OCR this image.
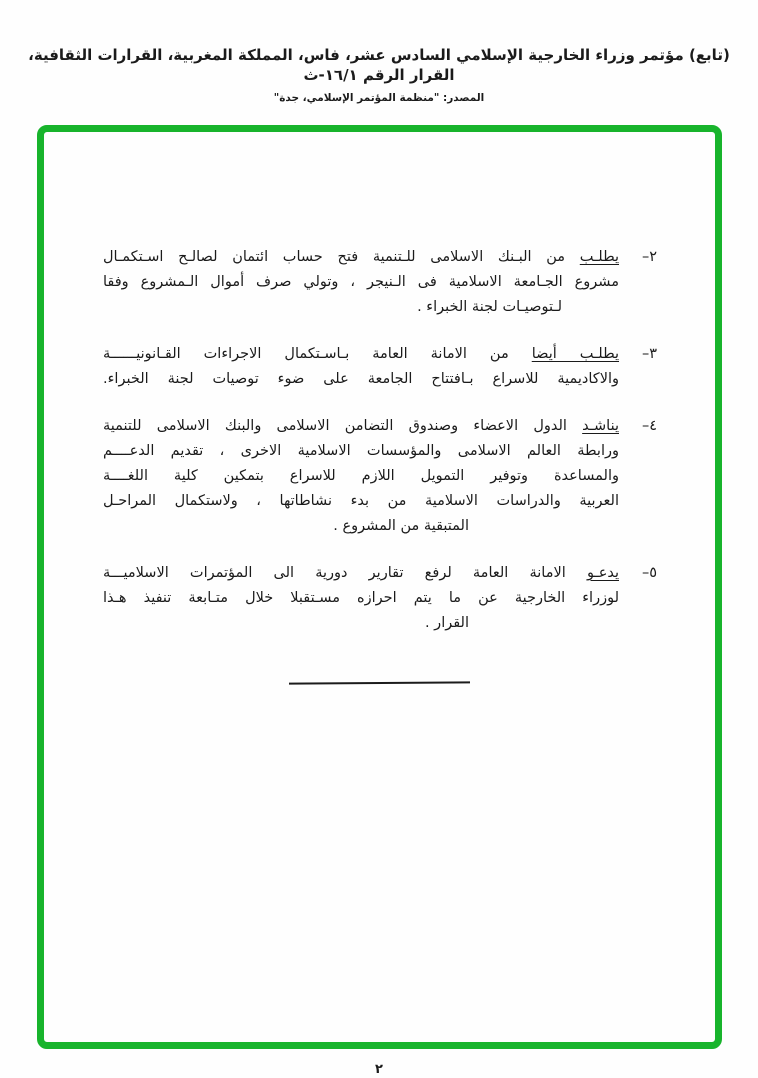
(تابع) مؤتمر وزراء الخارجية الإسلامي السادس عشر، فاس، المملكة المغربية، القرارات الثقافية، القرار الرقم ١٦/١-ث
المصدر: "منظمة المؤتمر الإسلامي، جدة"
٢–
يطلـب من البـنك الاسلامى للـتنمية فتح حساب ائتمان لصالـح اسـتكمـال
مشروع الجـامعة الاسلامية فى الـنيجر ، وتولي صرف أموال الـمشروع وفقا
لـتوصيـات لجنة الخبراء .
٣–
يطلـب أيضا من الامانة العامة بـاسـتكمال الاجراءات القـانونيــــــة
والاكاديمية للاسراع بـافتتاح الجامعة على ضوء توصيات لجنة الخبراء.
٤–
يناشـد الدول الاعضاء وصندوق التضامن الاسلامى والبنك الاسلامى للتنمية
ورابطة العالم الاسلامى والمؤسسات الاسلامية الاخرى ، تقديم الدعــــم
والمساعدة وتوفير التمويل اللازم للاسراع بتمكين كلية اللغــــة
العربية والدراسات الاسلامية من بدء نشاطاتها ، ولاستكمال المراحـل
المتبقية من المشروع .
٥–
يدعـو الامانة العامة لرفع تقارير دورية الى المؤتمرات الاسلاميـــة
لوزراء الخارجية عن ما يتم احرازه مسـتقبلا خلال متـابعة تنفيذ هـذا
القرار .
٢
